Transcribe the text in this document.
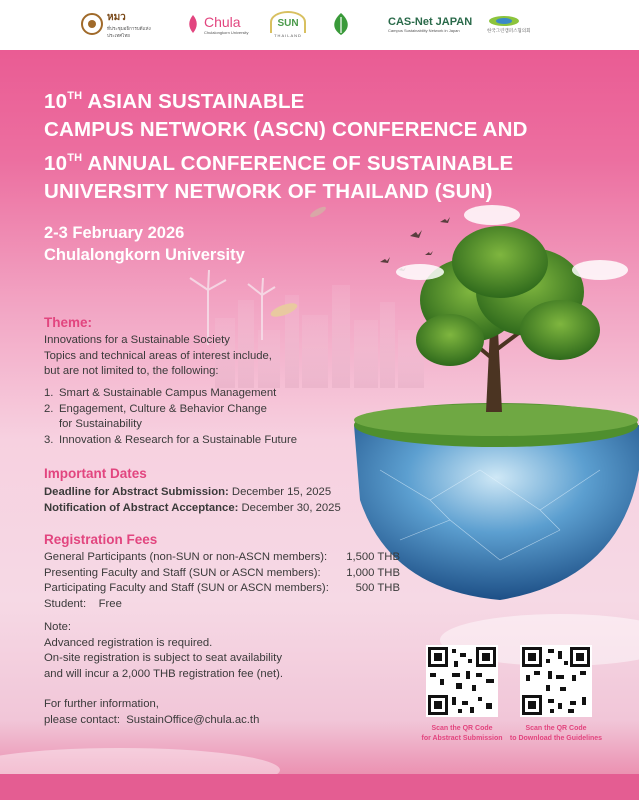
หมว
ที่ประชุมอธิการบดีแห่งประเทศไทย
Chula
Chulalongkorn University
SUN
THAILAND
CAS-Net JAPAN
Campus Sustainability Network in Japan	한국그린캠퍼스협의회
10TH ASIAN SUSTAINABLE
CAMPUS NETWORK (ASCN) CONFERENCE AND
10TH ANNUAL CONFERENCE OF SUSTAINABLE
UNIVERSITY NETWORK OF THAILAND (SUN)
2-3 February 2026
Chulalongkorn University
Theme:
Innovations for a Sustainable Society
Topics and technical areas of interest include,
but are not limited to, the following:
1. Smart & Sustainable Campus Management
2. Engagement, Culture & Behavior Change
for Sustainability
3. Innovation & Research for a Sustainable Future
Important Dates
Deadline for Abstract Submission: December 15, 2025
Notification of Abstract Acceptance: December 30, 2025
Registration Fees
General Participants (non-SUN or non-ASCN members):	1,500 THB
Presenting Faculty and Staff (SUN or ASCN members):	1,000 THB
Participating Faculty and Staff (SUN or ASCN members):	500 THB
Student:    Free
Note:
Advanced registration is required.
On-site registration is subject to seat availability
and will incur a 2,000 THB registration fee (net).
For further information,
please contact:  SustainOffice@chula.ac.th
Scan the QR Code
for Abstract Submission
Scan the QR Code
to Download the Guidelines
